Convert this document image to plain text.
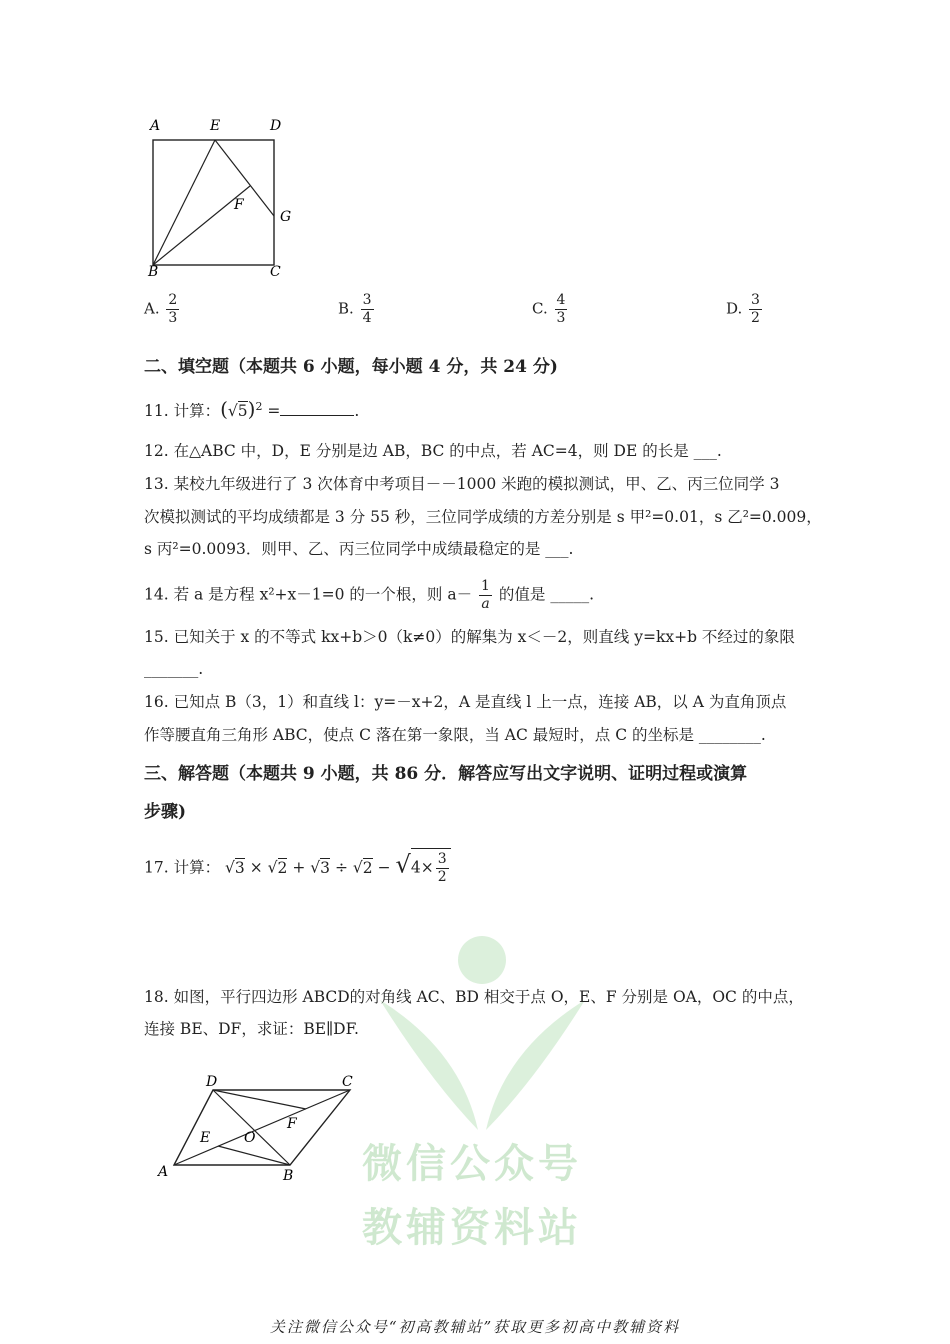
微信公众号
教辅资料站
A	E	D
F
G
B	C
A. $\frac{2}{3}$	B. $\frac{3}{4}$	C. $\frac{4}{3}$	D. $\frac{3}{2}$
二、填空题（本题共 6 小题，每小题 4 分，共 24 分)
11. 计算：$(√5)^2$ =	.
12. 在△ABC 中，D，E 分别是边 AB，BC 的中点，若 AC=4，则 DE 的长是 ___.
13. 某校九年级进行了 3 次体育中考项目－－1000 米跑的模拟测试，甲、乙、丙三位同学 3
次模拟测试的平均成绩都是 3 分 55 秒，三位同学成绩的方差分别是 s 甲²=0.01，s 乙²=0.009，
s 丙²=0.0093．则甲、乙、丙三位同学中成绩最稳定的是 ___.
14. 若 a 是方程 x²+x－1=0 的一个根，则 $a- \frac{1}{a}$ 的值是 _____.
15. 已知关于 x 的不等式 kx+b＞0（k≠0）的解集为 x＜－2，则直线 y=kx+b 不经过的象限
_______.
16. 已知点 B（3，1）和直线 l：y=－x+2，A 是直线 l 上一点，连接 AB，以 A 为直角顶点
作等腰直角三角形 ABC，使点 C 落在第一象限，当 AC 最短时，点 C 的坐标是 ________.
三、解答题（本题共 9 小题，共 86 分．解答应写出文字说明、证明过程或演算
步骤)
17. 计算： $√3 \times √2 + √3 \div √2 - √4\times \frac{3}{2}$
18. 如图，平行四边形 ABCD的对角线 AC、BD 相交于点 O，E、F 分别是 OA，OC 的中点，
连接 BE、DF，求证：BE∥DF.
D	C
E O
F
A	B
关注微信公众号“初高教辅站”获取更多初高中教辅资料
